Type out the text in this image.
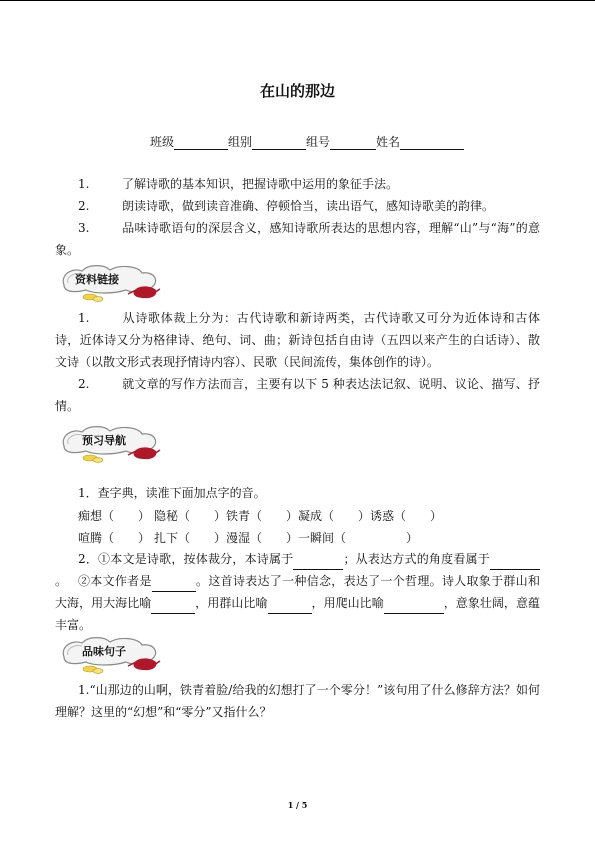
在山的那边
班级	组别	组号	姓名
1.	了解诗歌的基本知识，把握诗歌中运用的象征手法。
2.	朗读诗歌，做到读音准确、停顿恰当，读出语气，感知诗歌美的韵律。
3.	品味诗歌语句的深层含义，感知诗歌所表达的思想内容，理解“山”与“海”的意象。
资料链接
1.	从诗歌体裁上分为：古代诗歌和新诗两类，古代诗歌又可分为近体诗和古体诗，近体诗又分为格律诗、绝句、词、曲；新诗包括自由诗（五四以来产生的白话诗）、散文诗（以散文形式表现抒情诗内容）、民歌（民间流传，集体创作的诗）。
2.	就文章的写作方法而言，主要有以下 5 种表达法记叙、说明、议论、描写、抒情。
预习导航
1．查字典，读准下面加点字的音。
痴想（　　） 隐秘（　　）铁青（　　）凝成（　　）诱惑（　　）
喧腾（　　） 扎下（　　）漫湿（　　）一瞬间（　　　　　）
2．①本文是诗歌，按体裁分，本诗属于	；从表达方式的角度看属于。 ②本文作者是	。这首诗表达了一种信念，表达了一个哲理。诗人取象于群山和大海，用大海比喻	，用群山比喻	，用爬山比喻	，意象壮阔，意蕴丰富。
品味句子
1.“山那边的山啊，铁青着脸/给我的幻想打了一个零分！”该句用了什么修辞方法？如何理解？这里的“幻想”和“零分”又指什么？
1 / 5
